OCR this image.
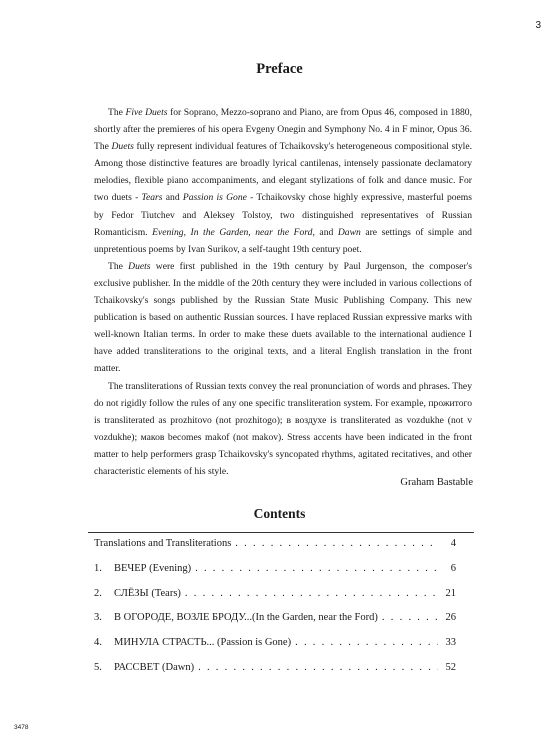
3
Preface

The Five Duets for Soprano, Mezzo-soprano and Piano, are from Opus 46, composed in 1880, shortly after the premieres of his opera Evgeny Onegin and Symphony No. 4 in F minor, Opus 36. The Duets fully represent individual features of Tchaikovsky's heterogeneous compositional style. Among those distinctive features are broadly lyrical cantilenas, intensely passionate declamatory melodies, flexible piano accompaniments, and elegant stylizations of folk and dance music. For two duets - Tears and Passion is Gone - Tchaikovsky chose highly expressive, masterful poems by Fedor Tiutchev and Aleksey Tolstoy, two distinguished representatives of Russian Romanticism. Evening, In the Garden, near the Ford, and Dawn are settings of simple and unpretentious poems by Ivan Surikov, a self-taught 19th century poet.

The Duets were first published in the 19th century by Paul Jurgenson, the composer's exclusive publisher. In the middle of the 20th century they were included in various collections of Tchaikovsky's songs published by the Russian State Music Publishing Company. This new publication is based on authentic Russian sources. I have replaced Russian expressive marks with well-known Italian terms. In order to make these duets available to the international audience I have added transliterations to the original texts, and a literal English translation in the front matter.

The transliterations of Russian texts convey the real pronunciation of words and phrases. They do not rigidly follow the rules of any one specific transliteration system. For example, прожитого is transliterated as prozhitovo (not prozhitogo); в воздухе is transliterated as vozdukhe (not v vozdukhe); маков becomes makof (not makov). Stress accents have been indicated in the front matter to help performers grasp Tchaikovsky's syncopated rhythms, agitated recitatives, and other characteristic elements of his style.

Graham Bastable
Contents
Translations and Transliterations . . .	4
1.	ВЕЧЕР (Evening) . . .	6
2.	СЛЁЗЫ (Tears) . . .	21
3.	В ОГОРОДЕ, ВОЗЛЕ БРОДУ...(In the Garden, near the Ford) . . .	26
4.	МИНУЛА СТРАСТЬ... (Passion is Gone) . . .	33
5.	РАССВЕТ (Dawn) . . .	52
3478
